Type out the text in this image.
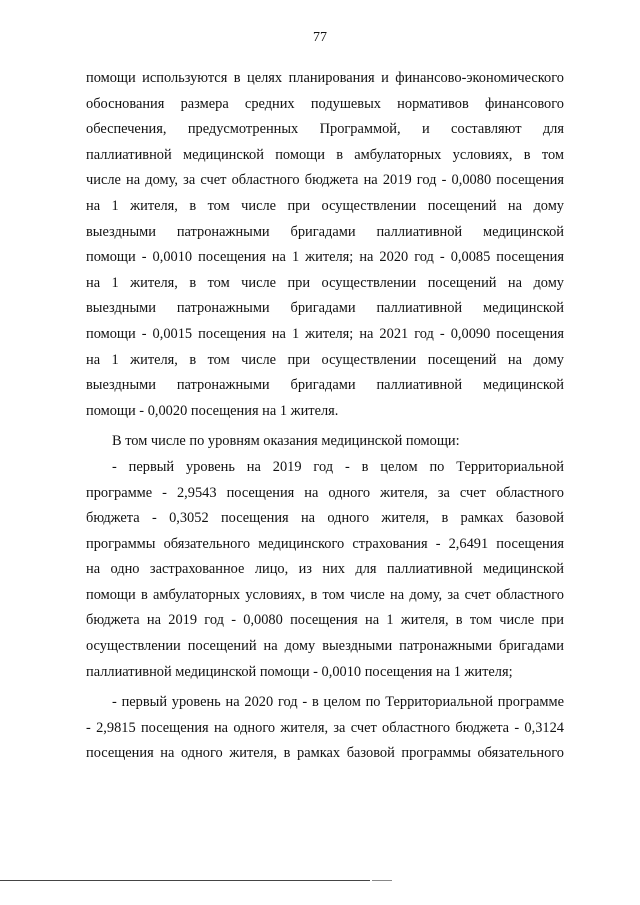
77
помощи используются в целях планирования и финансово-экономического
обоснования размера средних подушевых нормативов финансового
обеспечения, предусмотренных Программой, и составляют для
паллиативной медицинской помощи в амбулаторных условиях, в том
числе на дому, за счет областного бюджета на 2019 год - 0,0080 посещения
на 1 жителя, в том числе при осуществлении посещений на дому
выездными патронажными бригадами паллиативной медицинской
помощи - 0,0010 посещения на 1 жителя; на 2020 год - 0,0085 посещения
на 1 жителя, в том числе при осуществлении посещений на дому
выездными патронажными бригадами паллиативной медицинской
помощи - 0,0015 посещения на 1 жителя; на 2021 год - 0,0090 посещения
на 1 жителя, в том числе при осуществлении посещений на дому
выездными патронажными бригадами паллиативной медицинской
помощи - 0,0020 посещения на 1 жителя.
В том числе по уровням оказания медицинской помощи:
- первый уровень на 2019 год - в целом по Территориальной
программе - 2,9543 посещения на одного жителя, за счет областного
бюджета - 0,3052 посещения на одного жителя, в рамках базовой
программы обязательного медицинского страхования - 2,6491 посещения
на одно застрахованное лицо, из них для паллиативной медицинской
помощи в амбулаторных условиях, в том числе на дому, за счет областного
бюджета на 2019 год - 0,0080 посещения на 1 жителя, в том числе при
осуществлении посещений на дому выездными патронажными бригадами
паллиативной медицинской помощи - 0,0010 посещения на 1 жителя;
- первый уровень на 2020 год - в целом по Территориальной программе
- 2,9815 посещения на одного жителя, за счет областного бюджета - 0,3124
посещения на одного жителя, в рамках базовой программы обязательного
